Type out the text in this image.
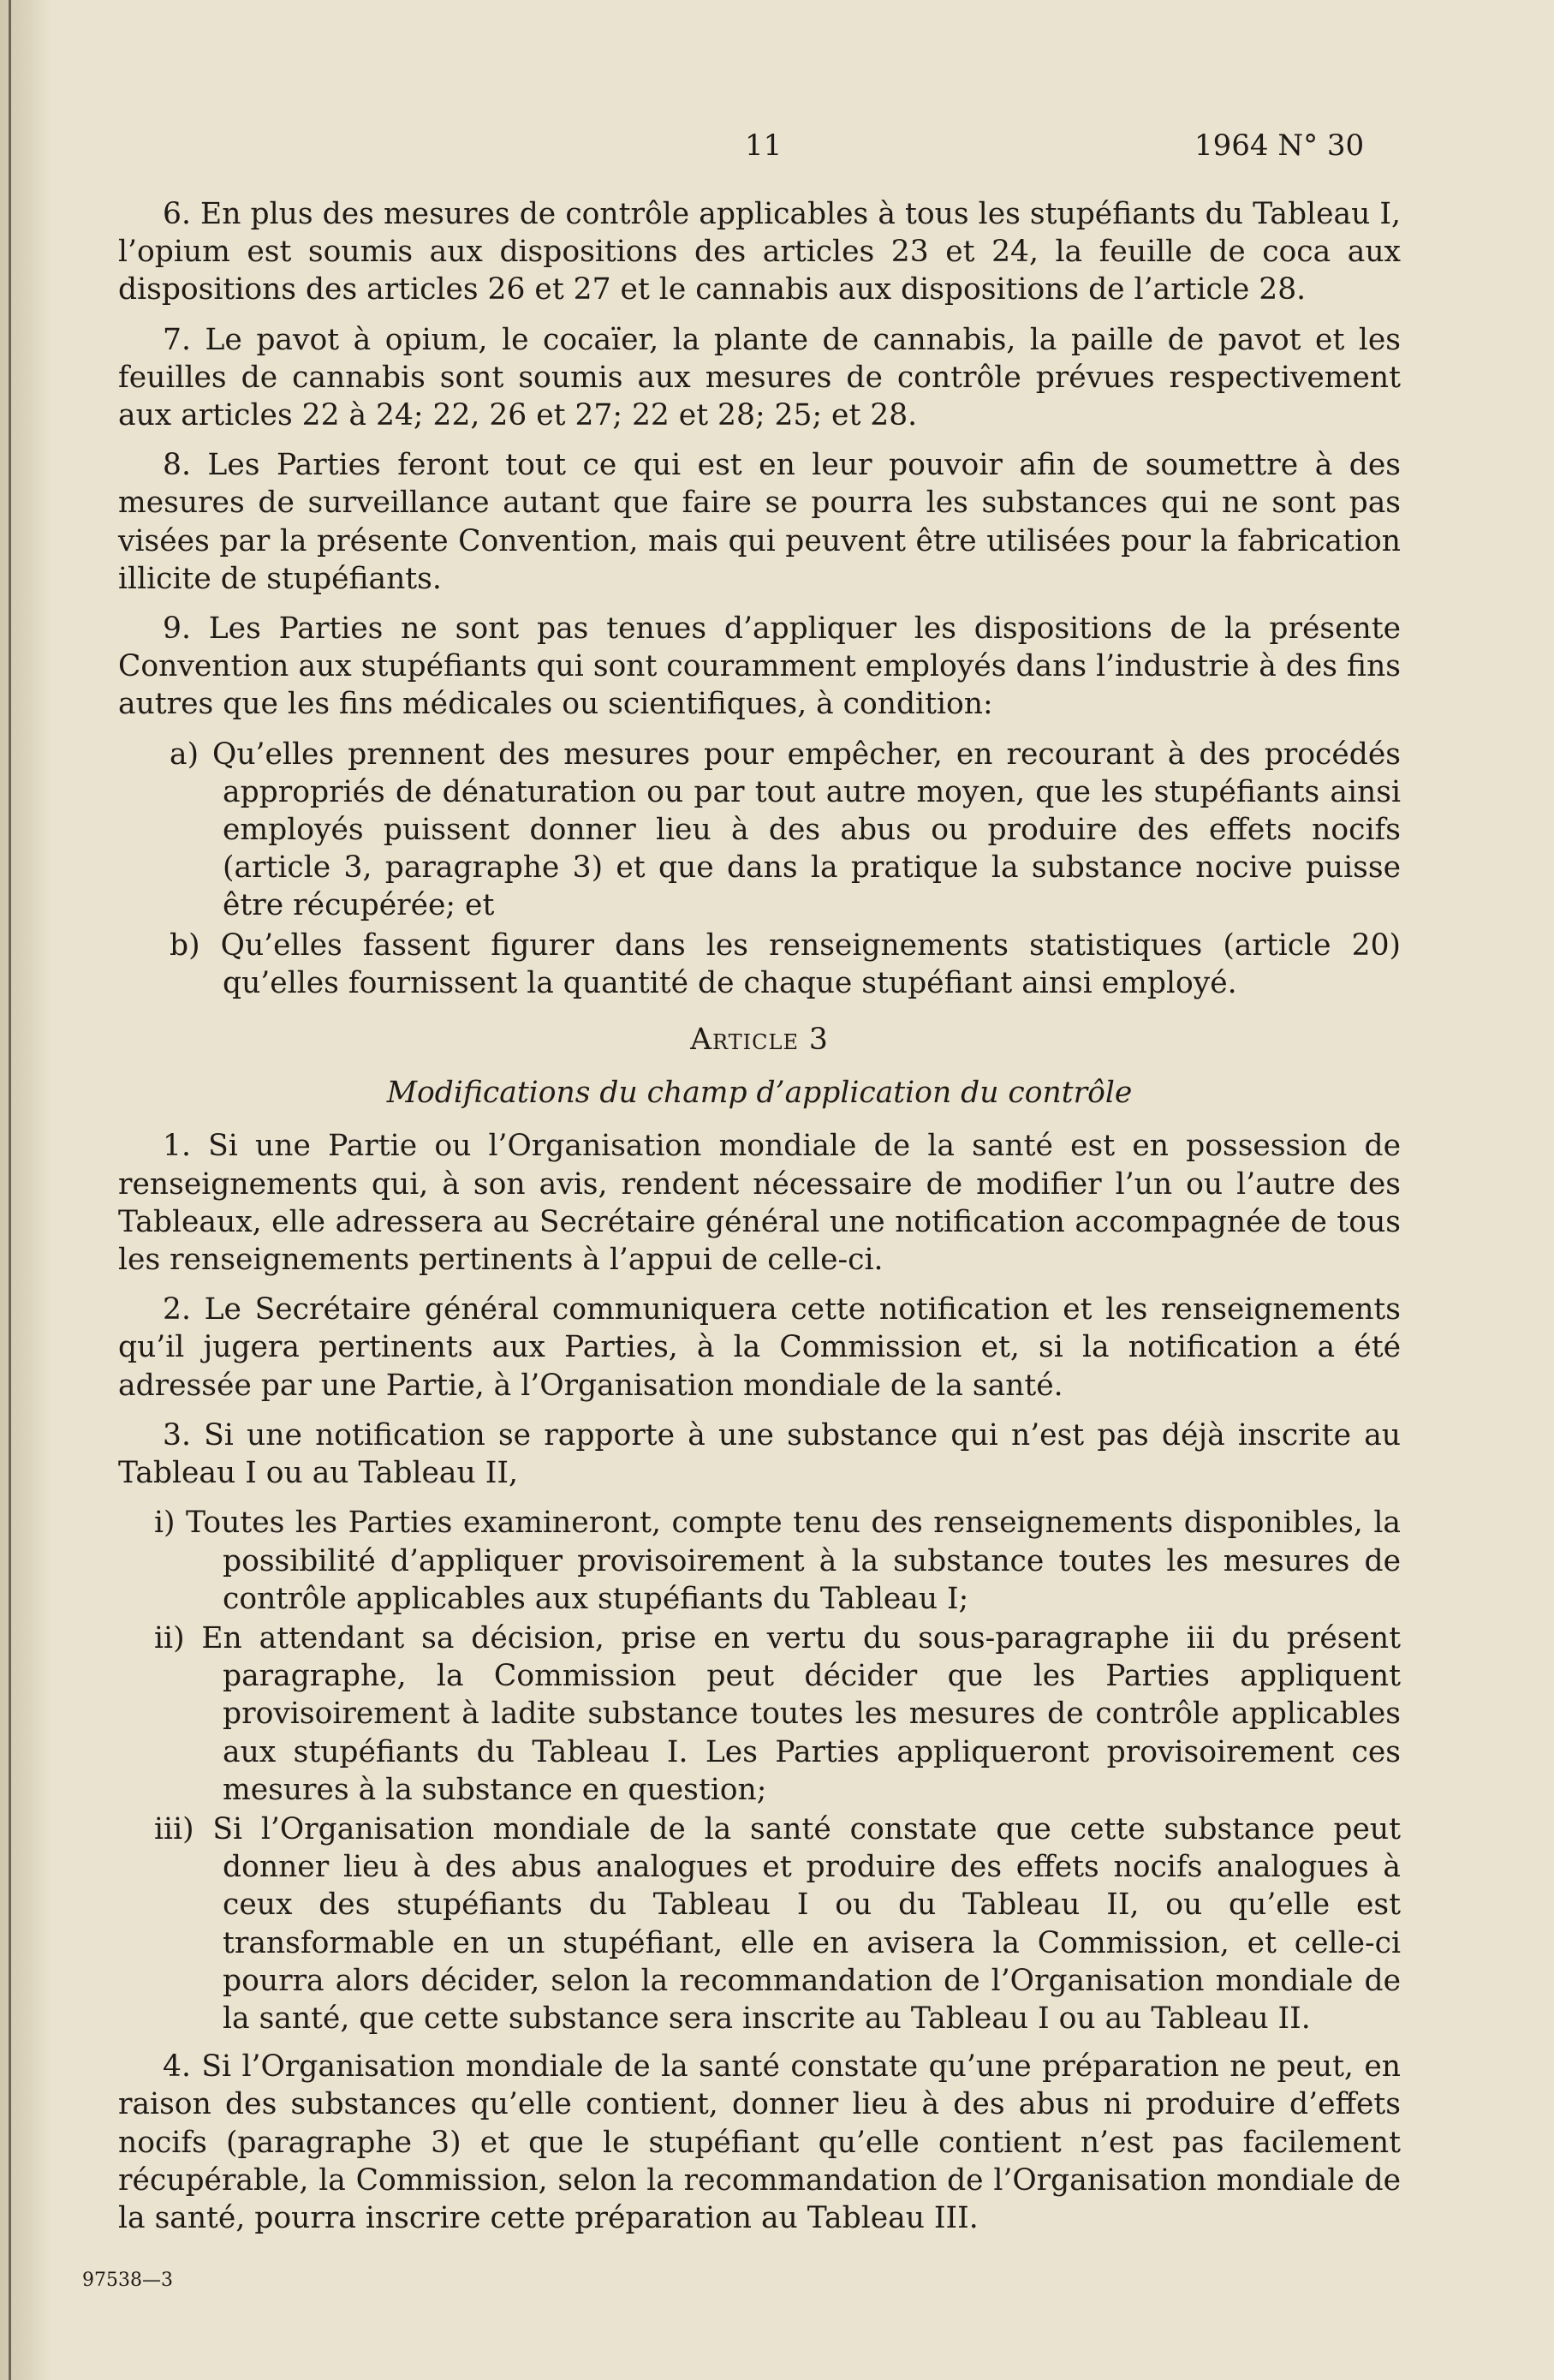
11	1964 N° 30

6. En plus des mesures de contrôle applicables à tous les stupéfiants du Tableau I, l’opium est soumis aux dispositions des articles 23 et 24, la feuille de coca aux dispositions des articles 26 et 27 et le cannabis aux dispositions de l’article 28.

7. Le pavot à opium, le cocaïer, la plante de cannabis, la paille de pavot et les feuilles de cannabis sont soumis aux mesures de contrôle prévues respectivement aux articles 22 à 24; 22, 26 et 27; 22 et 28; 25; et 28.

8. Les Parties feront tout ce qui est en leur pouvoir afin de soumettre à des mesures de surveillance autant que faire se pourra les substances qui ne sont pas visées par la présente Convention, mais qui peuvent être utilisées pour la fabrication illicite de stupéfiants.

9. Les Parties ne sont pas tenues d’appliquer les dispositions de la présente Convention aux stupéfiants qui sont couramment employés dans l’industrie à des fins autres que les fins médicales ou scientifiques, à condition:

a) Qu’elles prennent des mesures pour empêcher, en recourant à des procédés appropriés de dénaturation ou par tout autre moyen, que les stupéfiants ainsi employés puissent donner lieu à des abus ou produire des effets nocifs (article 3, paragraphe 3) et que dans la pratique la substance nocive puisse être récupérée; et

b) Qu’elles fassent figurer dans les renseignements statistiques (article 20) qu’elles fournissent la quantité de chaque stupéfiant ainsi employé.

Article 3

Modifications du champ d’application du contrôle

1. Si une Partie ou l’Organisation mondiale de la santé est en possession de renseignements qui, à son avis, rendent nécessaire de modifier l’un ou l’autre des Tableaux, elle adressera au Secrétaire général une notification accompagnée de tous les renseignements pertinents à l’appui de celle-ci.

2. Le Secrétaire général communiquera cette notification et les renseignements qu’il jugera pertinents aux Parties, à la Commission et, si la notification a été adressée par une Partie, à l’Organisation mondiale de la santé.

3. Si une notification se rapporte à une substance qui n’est pas déjà inscrite au Tableau I ou au Tableau II,

i) Toutes les Parties examineront, compte tenu des renseignements disponibles, la possibilité d’appliquer provisoirement à la substance toutes les mesures de contrôle applicables aux stupéfiants du Tableau I;

ii) En attendant sa décision, prise en vertu du sous-paragraphe iii du présent paragraphe, la Commission peut décider que les Parties appliquent provisoirement à ladite substance toutes les mesures de contrôle applicables aux stupéfiants du Tableau I. Les Parties appliqueront provisoirement ces mesures à la substance en question;

iii) Si l’Organisation mondiale de la santé constate que cette substance peut donner lieu à des abus analogues et produire des effets nocifs analogues à ceux des stupéfiants du Tableau I ou du Tableau II, ou qu’elle est transformable en un stupéfiant, elle en avisera la Commission, et celle-ci pourra alors décider, selon la recommandation de l’Organisation mondiale de la santé, que cette substance sera inscrite au Tableau I ou au Tableau II.

4. Si l’Organisation mondiale de la santé constate qu’une préparation ne peut, en raison des substances qu’elle contient, donner lieu à des abus ni produire d’effets nocifs (paragraphe 3) et que le stupéfiant qu’elle contient n’est pas facilement récupérable, la Commission, selon la recommandation de l’Organisation mondiale de la santé, pourra inscrire cette préparation au Tableau III.

97538—3
